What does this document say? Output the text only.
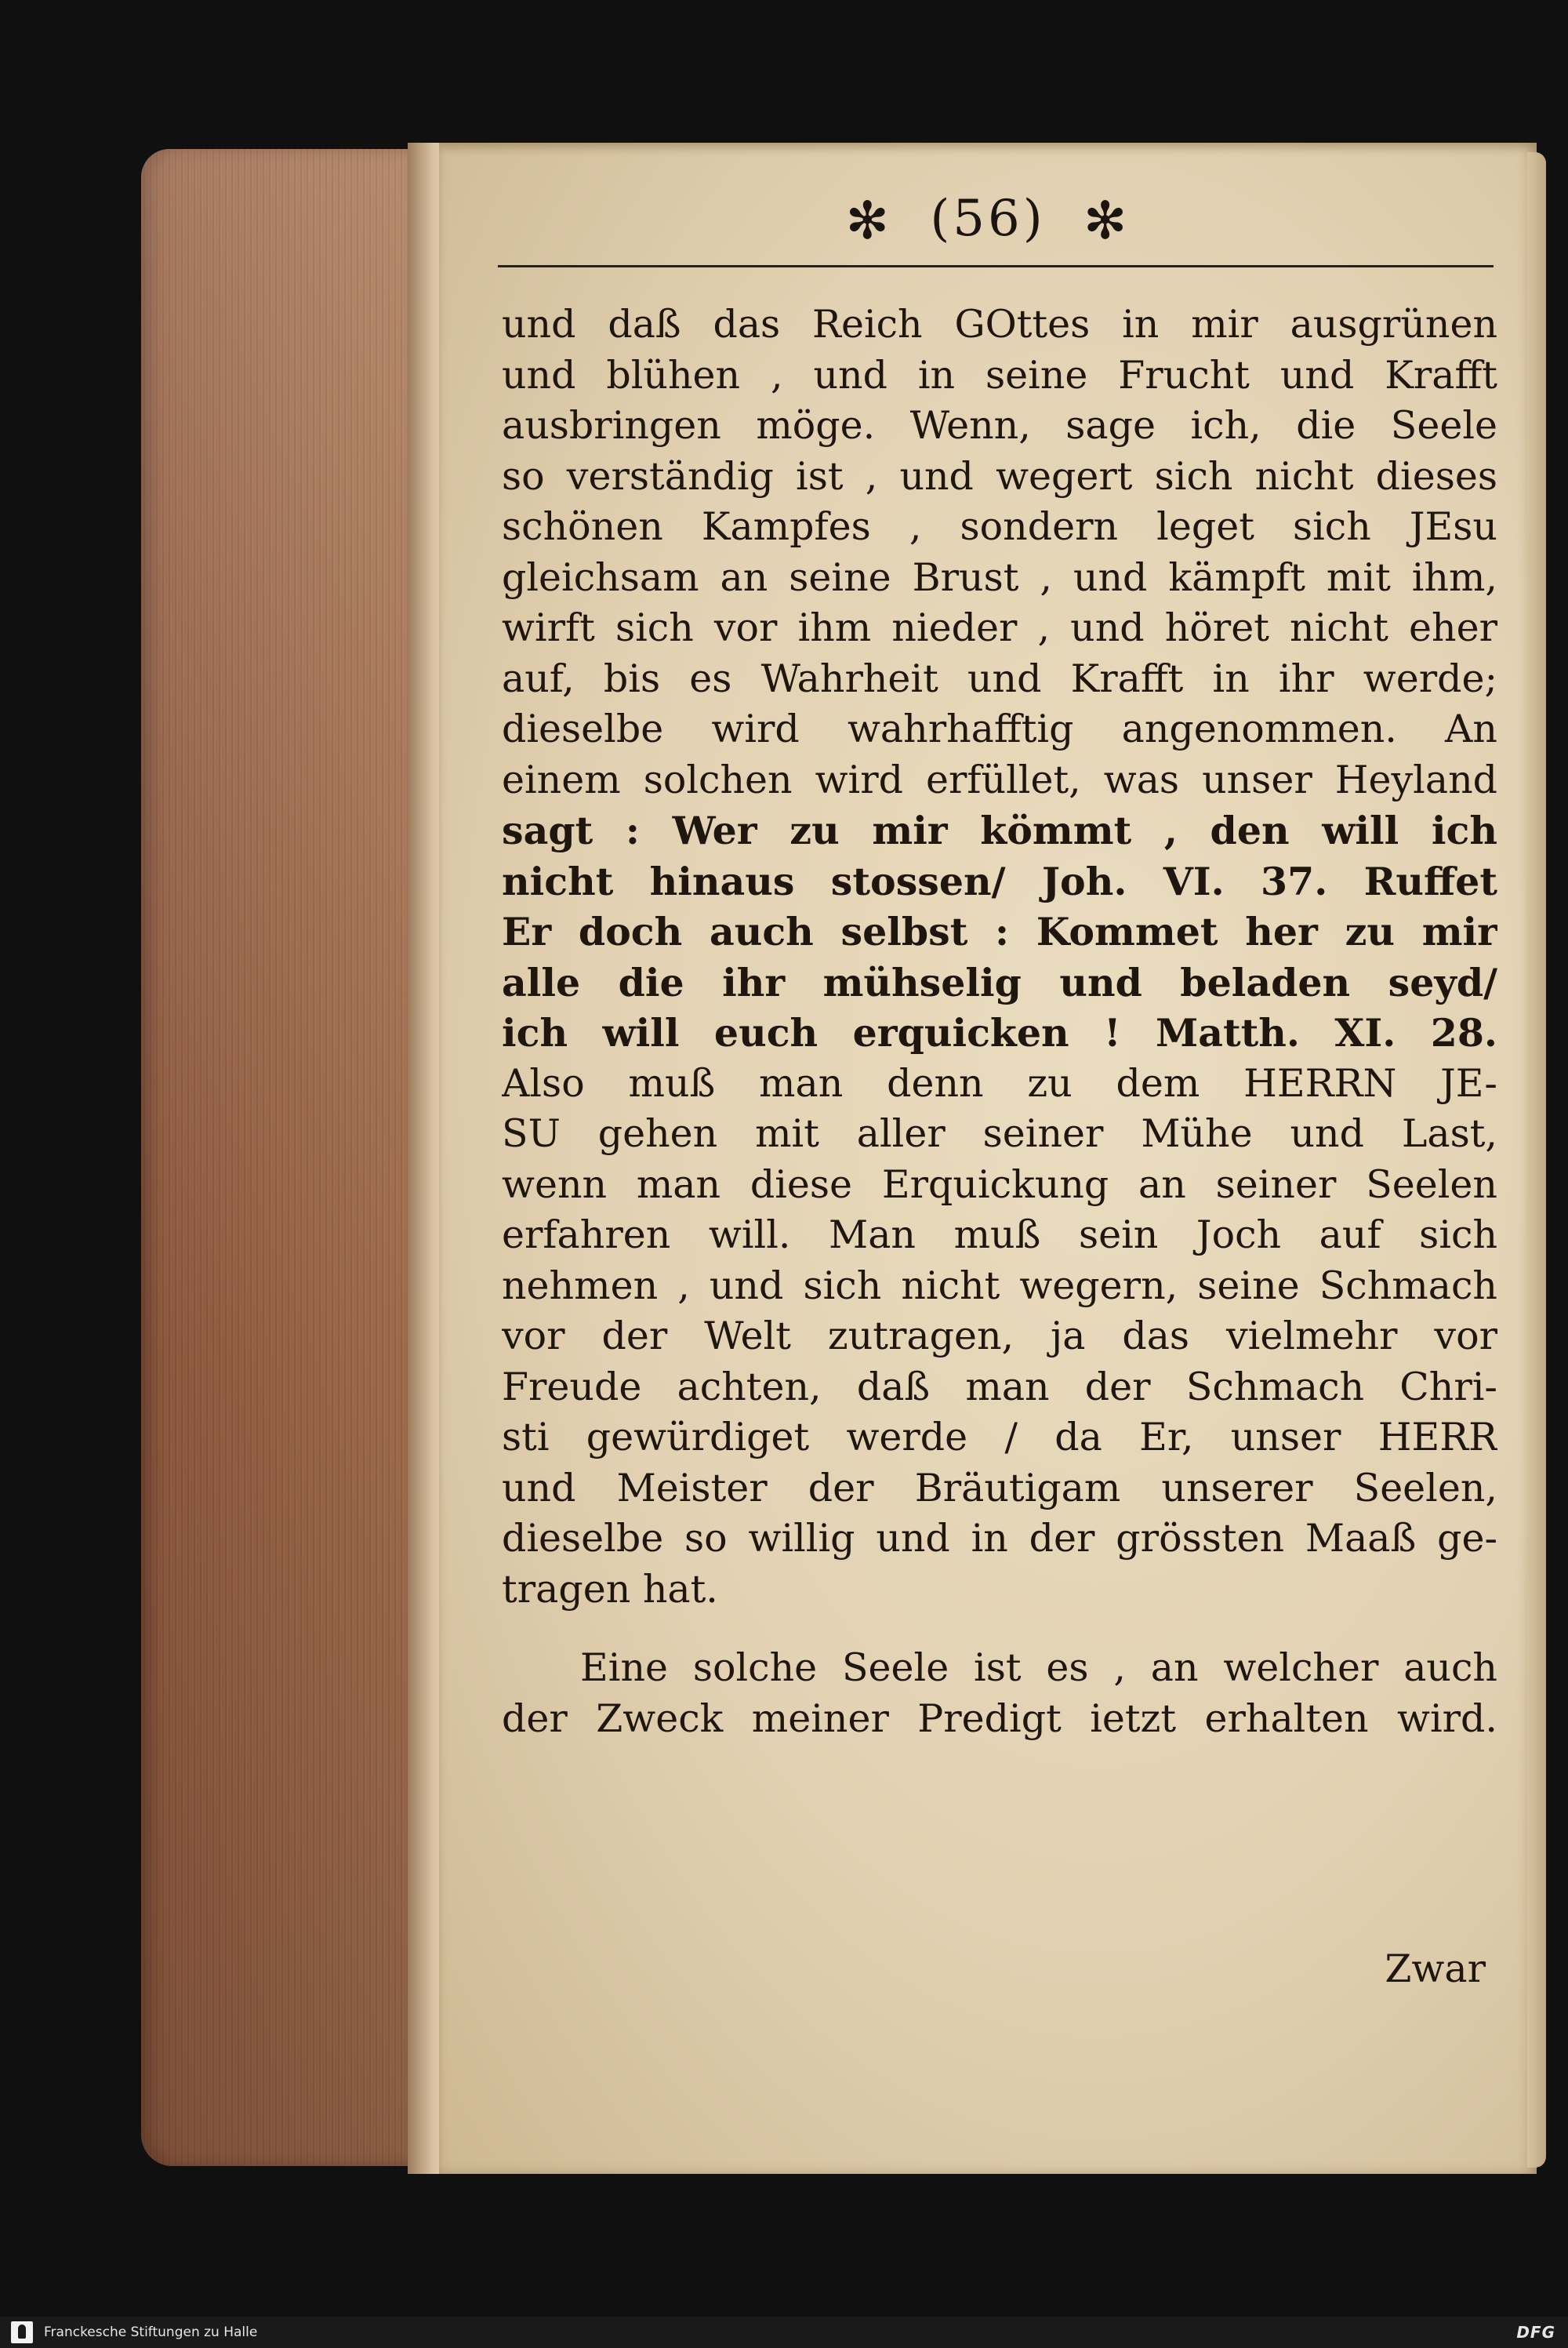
✻ (56) ✻
und daß das Reich GOttes in mir ausgrünen
und blühen , und in seine Frucht und Krafft
ausbringen möge. Wenn, sage ich, die Seele
so verständig ist , und wegert sich nicht dieses
schönen Kampfes , sondern leget sich JEsu
gleichsam an seine Brust , und kämpft mit ihm,
wirft sich vor ihm nieder , und höret nicht eher
auf, bis es Wahrheit und Krafft in ihr werde;
dieselbe wird wahrhafftig angenommen. An
einem solchen wird erfüllet, was unser Heyland
sagt : Wer zu mir kömmt , den will ich
nicht hinaus stossen/ Joh. VI. 37. Ruffet
Er doch auch selbst : Kommet her zu mir
alle die ihr mühselig und beladen seyd/
ich will euch erquicken ! Matth. XI. 28.
Also muß man denn zu dem HERRN JE-
SU gehen mit aller seiner Mühe und Last,
wenn man diese Erquickung an seiner Seelen
erfahren will. Man muß sein Joch auf sich
nehmen , und sich nicht wegern, seine Schmach
vor der Welt zutragen, ja das vielmehr vor
Freude achten, daß man der Schmach Chri-
sti gewürdiget werde / da Er, unser HERR
und Meister der Bräutigam unserer Seelen,
dieselbe so willig und in der grössten Maaß ge-
tragen hat.
Eine solche Seele ist es , an welcher auch
der Zweck meiner Predigt ietzt erhalten wird.
Zwar
Franckesche Stiftungen zu Halle	DFG
